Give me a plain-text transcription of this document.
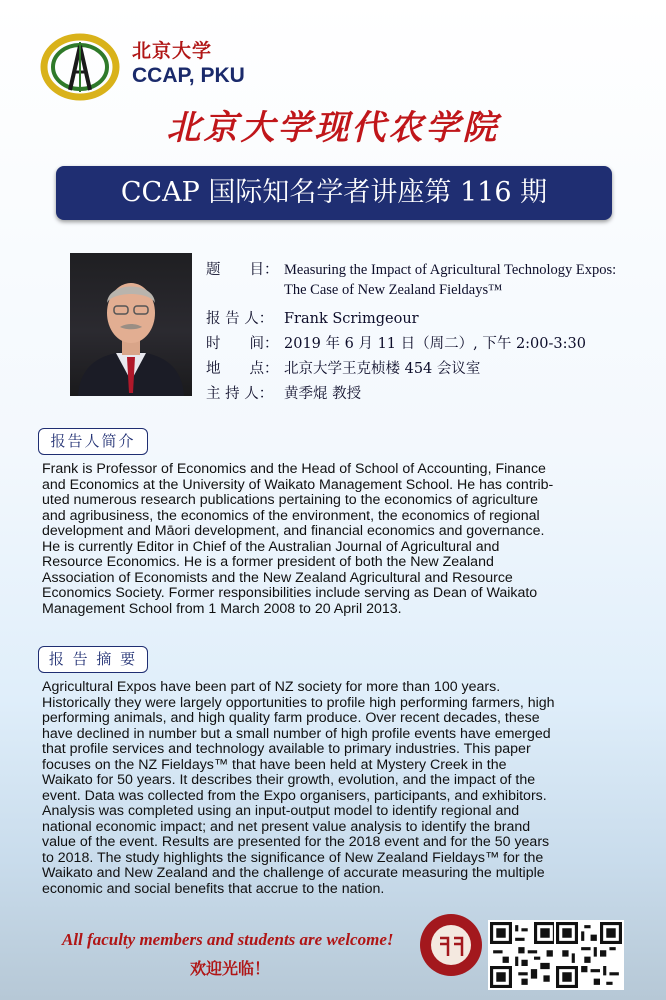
北京大学
CCAP, PKU
北京大学现代农学院
CCAP 国际知名学者讲座第 116 期
题　　目： Measuring the Impact of Agricultural Technology Expos:
The Case of New Zealand Fieldays™
报 告 人： Frank Scrimgeour
时　　间： 2019 年 6 月 11 日（周二）, 下午 2:00-3:30
地　　点： 北京大学王克桢楼 454 会议室
主 持 人： 黄季焜 教授
报告人简介
Frank is Professor of Economics and the Head of School of Accounting, Finance
and Economics at the University of Waikato Management School. He has contrib-
uted numerous research publications pertaining to the economics of agriculture
and agribusiness, the economics of the environment, the economics of regional
development and Māori development, and financial economics and governance.
He is currently Editor in Chief of the Australian Journal of Agricultural and
Resource Economics. He is a former president of both the New Zealand
Association of Economists and the New Zealand Agricultural and Resource
Economics Society. Former responsibilities include serving as Dean of Waikato
Management School from 1 March 2008 to 20 April 2013.
报 告 摘 要
Agricultural Expos have been part of NZ society for more than 100 years.
Historically they were largely opportunities to profile high performing farmers, high
performing animals, and high quality farm produce. Over recent decades, these
have declined in number but a small number of high profile events have emerged
that profile services and technology available to primary industries. This paper
focuses on the NZ Fieldays™ that have been held at Mystery Creek in the
Waikato for 50 years. It describes their growth, evolution, and the impact of the
event. Data was collected from the Expo organisers, participants, and exhibitors.
Analysis was completed using an input-output model to identify regional and
national economic impact; and net present value analysis to identify the brand
value of the event. Results are presented for the 2018 event and for the 50 years
to 2018. The study highlights the significance of New Zealand Fieldays™ for the
Waikato and New Zealand and the challenge of accurate measuring the multiple
economic and social benefits that accrue to the nation.
All faculty members and students are welcome!
欢迎光临！
